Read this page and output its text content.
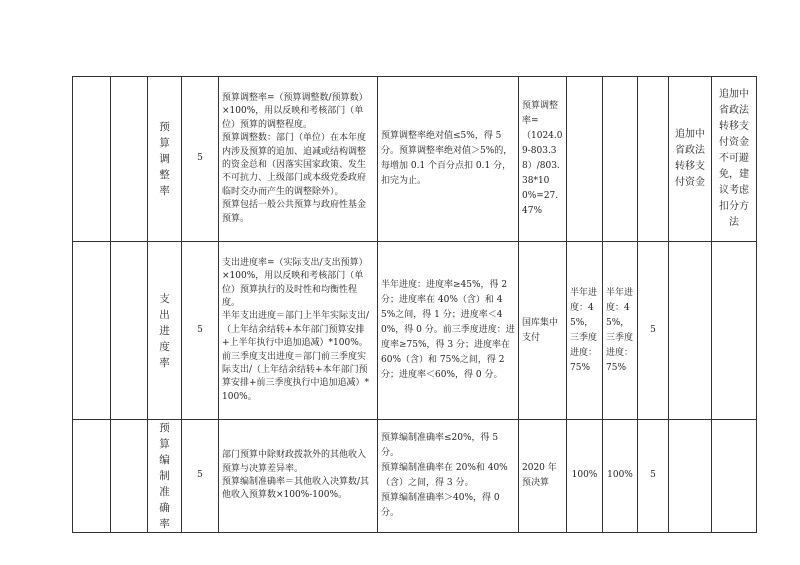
		预算
调整
率	5	预算调整率=（预算调整数/预算数）×100%，用以反映和考核部门（单位）预算的调整程度。
预算调整数：部门（单位）在本年度内涉及预算的追加、追减或结构调整的资金总和（因落实国家政策、发生不可抗力、上级部门或本级党委政府临时交办而产生的调整除外）。
预算包括一般公共预算与政府性基金预算。	预算调整率绝对值≤5%，得 5 分。预算调整率绝对值＞5%的，每增加 0.1 个百分点扣 0.1 分，扣完为止。	预算调整率=
（1024.09-803.38）/803.38*100%=27.47%				追加中省政法转移支付资金	追加中省政法转移支付资金不可避免，建议考虑扣分方法
		支出
进度
率	5	支出进度率=（实际支出/支出预算）×100%，用以反映和考核部门（单位）预算执行的及时性和均衡性程度。
半年支出进度＝部门上半年实际支出/（上年结余结转+本年部门预算安排+上半年执行中追加追减）*100%。
前三季度支出进度＝部门前三季度实际支出/（上年结余结转+本年部门预算安排+前三季度执行中追加追减）*100%。	半年进度：进度率≥45%，得 2 分；进度率在 40%（含）和 45%之间，得 1 分；进度率＜40%，得 0 分。前三季度进度：进度率≥75%，得 3 分；进度率在 60%（含）和 75%之间，得 2 分；进度率＜60%，得 0 分。	国库集中支付	半年进度：45%，三季度进度：75%	半年进度：45%，三季度进度：75%	5		
		预算
编制
准确
率	5	部门预算中除财政拨款外的其他收入预算与决算差异率。
预算编制准确率＝其他收入决算数/其他收入预算数×100%-100%。	预算编制准确率≤20%，得 5 分。
预算编制准确率在 20%和 40%（含）之间，得 3 分。
预算编制准确率＞40%，得 0 分。	2020 年预决算	100%	100%	5		
